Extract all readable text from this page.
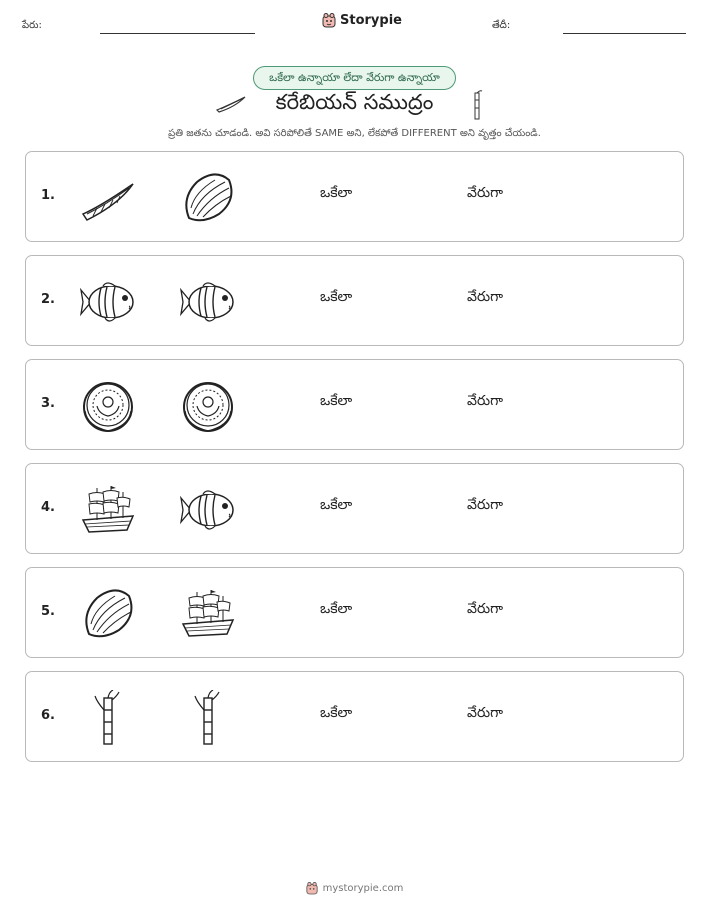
పేరు:	Storypie	తేదీ:
ఒకేలా ఉన్నాయా లేదా వేరుగా ఉన్నాయా
కరేబియన్ సముద్రం
ప్రతి జతను చూడండి. అవి సరిపోలితే SAME అని, లేకపోతే DIFFERENT అని వృత్తం చేయండి.
1.	ఒకేలా	వేరుగా
2.	ఒకేలా	వేరుగా
3.	ఒకేలా	వేరుగా
4.	ఒకేలా	వేరుగా
5.	ఒకేలా	వేరుగా
6.	ఒకేలా	వేరుగా
mystorypie.com
